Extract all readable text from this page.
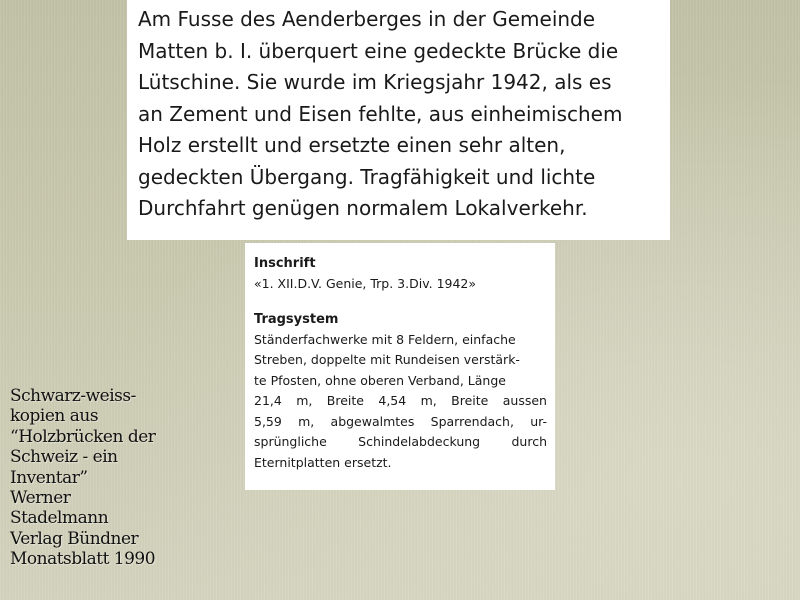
Am Fusse des Aenderberges in der Gemeinde

Matten b. I. überquert eine gedeckte Brücke die

Lütschine. Sie wurde im Kriegsjahr 1942, als es

an Zement und Eisen fehlte, aus einheimischem

Holz erstellt und ersetzte einen sehr alten,

gedeckten Übergang. Tragfähigkeit und lichte

Durchfahrt genügen normalem Lokalverkehr.

Inschrift
«1. XII.D.V. Genie, Trp. 3.Div. 1942»
Tragsystem
Ständerfachwerke mit 8 Feldern, einfache
Streben, doppelte mit Rundeisen verstärk-
te Pfosten, ohne oberen Verband, Länge
21,4 m, Breite 4,54 m, Breite aussen
5,59 m, abgewalmtes Sparrendach, ur-
sprüngliche	Schindelabdeckung	durch
Eternitplatten ersetzt.
Schwarz-weiss-
kopien aus
“Holzbrücken der
Schweiz - ein
Inventar”
Werner
Stadelmann
Verlag Bündner
Monatsblatt 1990
